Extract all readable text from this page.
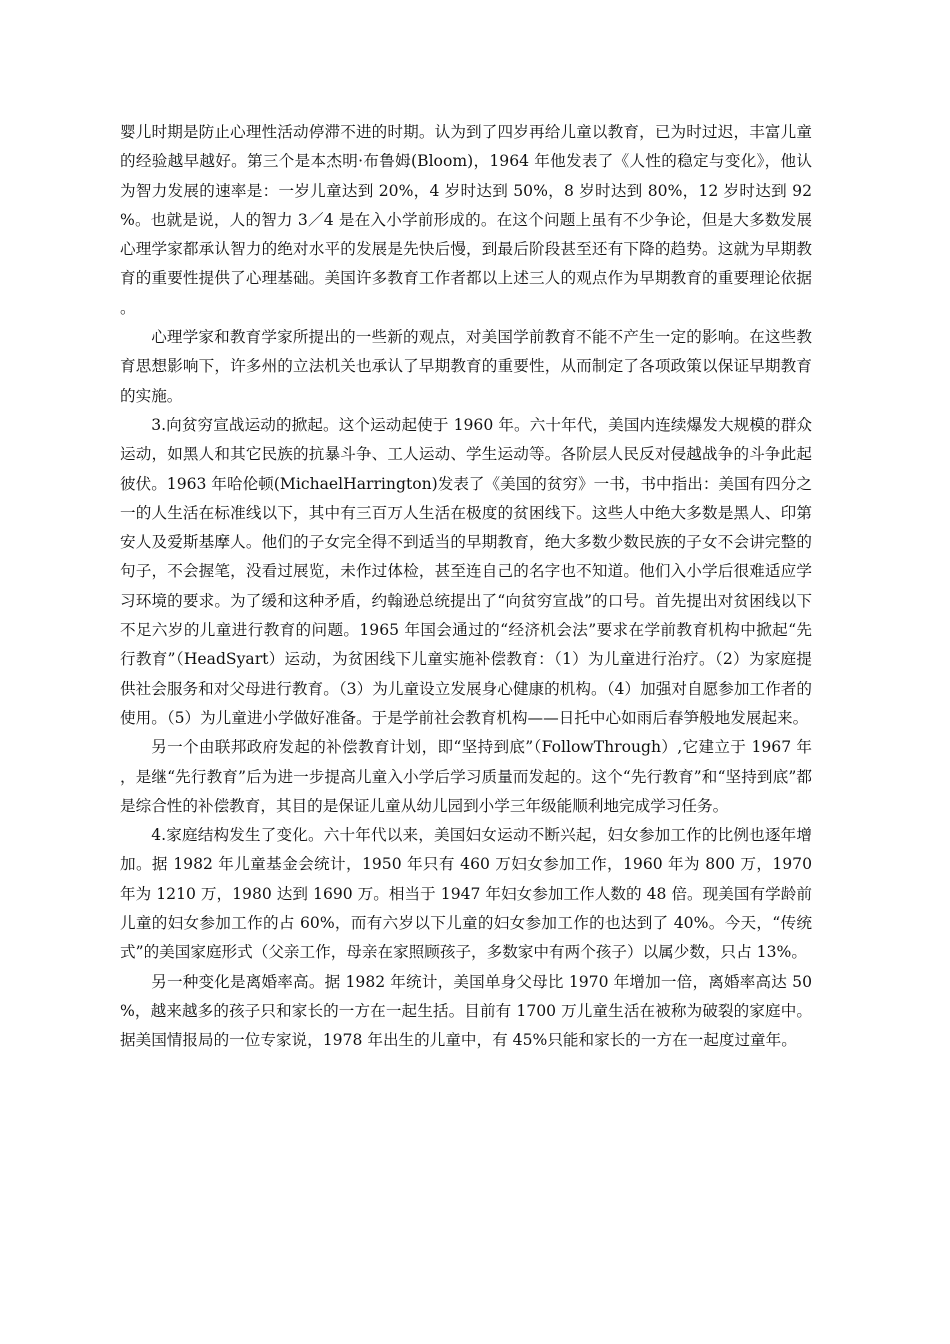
婴儿时期是防止心理性活动停滞不进的时期。认为到了四岁再给儿童以教育，已为时过迟，丰富儿童的经验越早越好。第三个是本杰明·布鲁姆(Bloom)，1964 年他发表了《人性的稳定与变化》，他认为智力发展的速率是：一岁儿童达到 20%，4 岁时达到 50%，8 岁时达到 80%，12 岁时达到 92%。也就是说，人的智力 3／4 是在入小学前形成的。在这个问题上虽有不少争论，但是大多数发展心理学家都承认智力的绝对水平的发展是先快后慢，到最后阶段甚至还有下降的趋势。这就为早期教育的重要性提供了心理基础。美国许多教育工作者都以上述三人的观点作为早期教育的重要理论依据。

心理学家和教育学家所提出的一些新的观点，对美国学前教育不能不产生一定的影响。在这些教育思想影响下，许多州的立法机关也承认了早期教育的重要性，从而制定了各项政策以保证早期教育的实施。

3.向贫穷宣战运动的掀起。这个运动起使于 1960 年。六十年代，美国内连续爆发大规模的群众运动，如黑人和其它民族的抗暴斗争、工人运动、学生运动等。各阶层人民反对侵越战争的斗争此起彼伏。1963 年哈伦顿(MichaelHarrington)发表了《美国的贫穷》一书，书中指出：美国有四分之一的人生活在标准线以下，其中有三百万人生活在极度的贫困线下。这些人中绝大多数是黑人、印第安人及爱斯基摩人。他们的子女完全得不到适当的早期教育，绝大多数少数民族的子女不会讲完整的句子，不会握笔，没看过展览，未作过体检，甚至连自己的名字也不知道。他们入小学后很难适应学习环境的要求。为了缓和这种矛盾，约翰逊总统提出了“向贫穷宣战”的口号。首先提出对贫困线以下不足六岁的儿童进行教育的问题。1965 年国会通过的“经济机会法”要求在学前教育机构中掀起“先行教育”（HeadSyart）运动，为贫困线下儿童实施补偿教育：（1）为儿童进行治疗。（2）为家庭提供社会服务和对父母进行教育。（3）为儿童设立发展身心健康的机构。（4）加强对自愿参加工作者的使用。（5）为儿童进小学做好准备。于是学前社会教育机构——日托中心如雨后春笋般地发展起来。

另一个由联邦政府发起的补偿教育计划，即“坚持到底”（FollowThrough）,它建立于 1967 年，是继“先行教育”后为进一步提高儿童入小学后学习质量而发起的。这个“先行教育”和“坚持到底”都是综合性的补偿教育，其目的是保证儿童从幼儿园到小学三年级能顺利地完成学习任务。

4.家庭结构发生了变化。六十年代以来，美国妇女运动不断兴起，妇女参加工作的比例也逐年增加。据 1982 年儿童基金会统计，1950 年只有 460 万妇女参加工作，1960 年为 800 万，1970 年为 1210 万，1980 达到 1690 万。相当于 1947 年妇女参加工作人数的 48 倍。现美国有学龄前儿童的妇女参加工作的占 60%，而有六岁以下儿童的妇女参加工作的也达到了 40%。今天，“传统式”的美国家庭形式（父亲工作，母亲在家照顾孩子，多数家中有两个孩子）以属少数，只占 13%。

另一种变化是离婚率高。据 1982 年统计，美国单身父母比 1970 年增加一倍，离婚率高达 50%，越来越多的孩子只和家长的一方在一起生括。目前有 1700 万儿童生活在被称为破裂的家庭中。据美国情报局的一位专家说，1978 年出生的儿童中，有 45%只能和家长的一方在一起度过童年。
